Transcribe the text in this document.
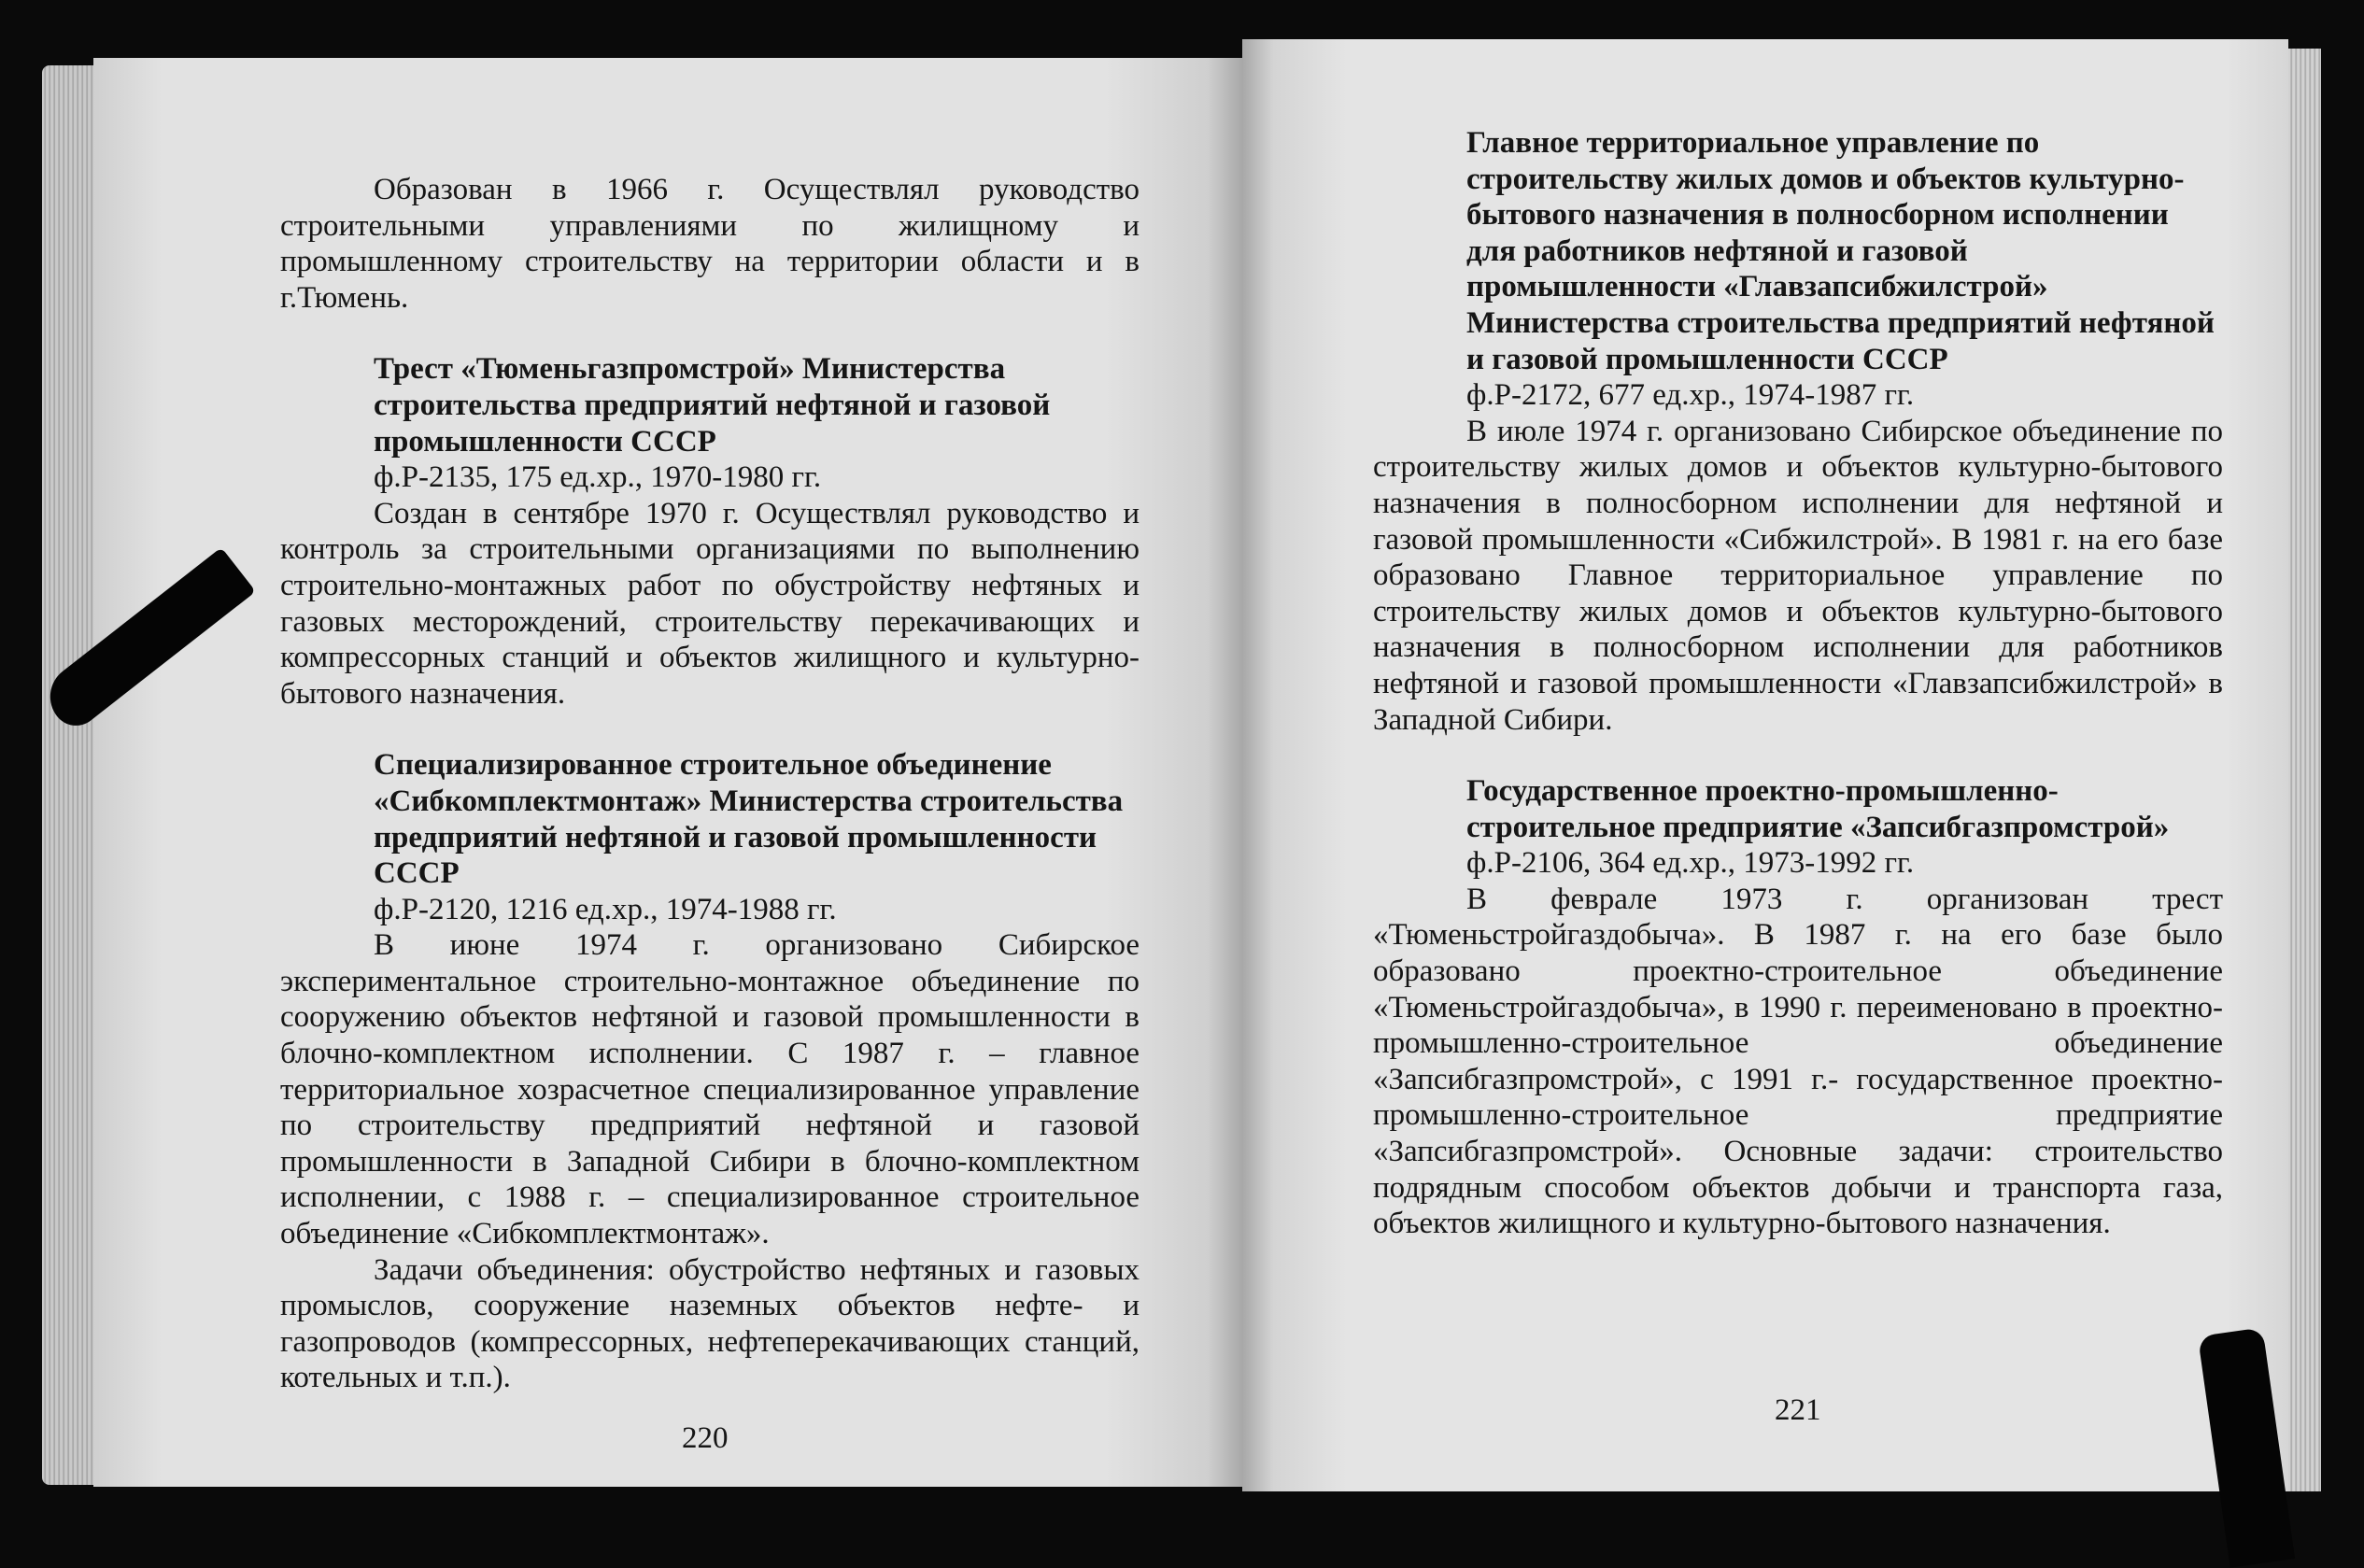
Образован в 1966 г. Осуществлял руководство строительными управлениями по жилищному и промышленному строительству на территории области и в г.Тюмень.

Трест «Тюменьгазпромстрой» Министерства строительства предприятий нефтяной и газовой промышленности СССР

ф.Р-2135, 175 ед.хр., 1970-1980 гг.

Создан в сентябре 1970 г. Осуществлял руководство и контроль за строительными организациями по выполнению строительно-монтажных работ по обустройству нефтяных и газовых месторождений, строительству перекачивающих и компрессорных станций и объектов жилищного и культурно-бытового назначения.

Специализированное строительное объединение «Сибкомплектмонтаж» Министерства строительства предприятий нефтяной и газовой промышленности СССР

ф.Р-2120, 1216 ед.хр., 1974-1988 гг.

В июне 1974 г. организовано Сибирское экспериментальное строительно-монтажное объединение по сооружению объектов нефтяной и газовой промышленности в блочно-комплектном исполнении. С 1987 г. – главное территориальное хозрасчетное специализированное управление по строительству предприятий нефтяной и газовой промышленности в Западной Сибири в блочно-комплектном исполнении, с 1988 г. – специализированное строительное объединение «Сибкомплектмонтаж».

Задачи объединения: обустройство нефтяных и газовых промыслов, сооружение наземных объектов нефте- и газопроводов (компрессорных, нефтеперекачивающих станций, котельных и т.п.).

220

Главное территориальное управление по строительству жилых домов и объектов культурно-бытового назначения в полносборном исполнении для работников нефтяной и газовой промышленности «Главзапсибжилстрой» Министерства строительства предприятий нефтяной и газовой промышленности СССР

ф.Р-2172, 677 ед.хр., 1974-1987 гг.

В июле 1974 г. организовано Сибирское объединение по строительству жилых домов и объектов культурно-бытового назначения в полносборном исполнении для нефтяной и газовой промышленности «Сибжилстрой». В 1981 г. на его базе образовано Главное территориальное управление по строительству жилых домов и объектов культурно-бытового назначения в полносборном исполнении для работников нефтяной и газовой промышленности «Главзапсибжилстрой» в Западной Сибири.

Государственное проектно-промышленно-строительное предприятие «Запсибгазпромстрой»

ф.Р-2106, 364 ед.хр., 1973-1992 гг.

В феврале 1973 г. организован трест «Тюменьстройгаздобыча». В 1987 г. на его базе было образовано проектно-строительное объединение «Тюменьстройгаздобыча», в 1990 г. переименовано в проектно-промышленно-строительное объединение «Запсибгазпромстрой», с 1991 г.- государственное проектно-промышленно-строительное предприятие «Запсибгазпромстрой». Основные задачи: строительство подрядным способом объектов добычи и транспорта газа, объектов жилищного и культурно-бытового назначения.

221
